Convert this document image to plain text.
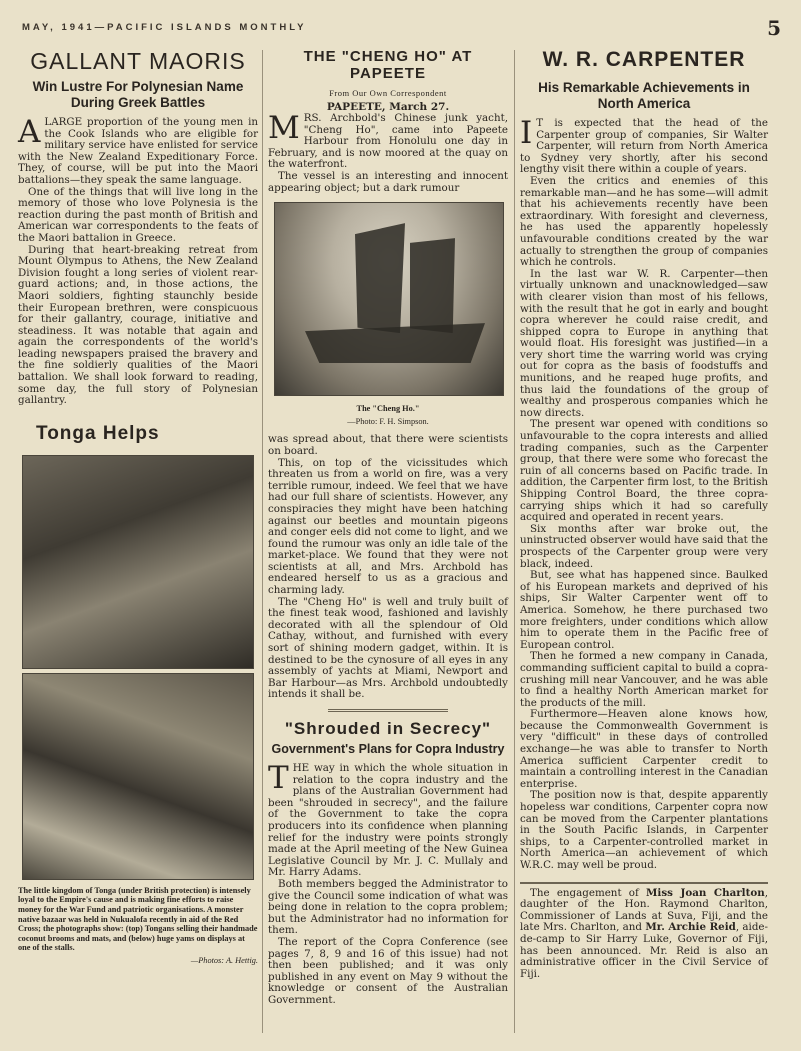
MAY, 1941—PACIFIC ISLANDS MONTHLY	5
GALLANT MAORIS
Win Lustre For Polynesian Name During Greek Battles

ALARGE proportion of the young men in the Cook Islands who are eligible for military service have enlisted for service with the New Zealand Expeditionary Force. They, of course, will be put into the Maori battalions—they speak the same language.

One of the things that will live long in the memory of those who love Polynesia is the reaction during the past month of British and American war correspondents to the feats of the Maori battalion in Greece.

During that heart-breaking retreat from Mount Olympus to Athens, the New Zealand Division fought a long series of violent rear-guard actions; and, in those actions, the Maori soldiers, fighting staunchly beside their European brethren, were conspicuous for their gallantry, courage, initiative and steadiness. It was notable that again and again the correspondents of the world's leading newspapers praised the bravery and the fine soldierly qualities of the Maori battalion. We shall look forward to reading, some day, the full story of Polynesian gallantry.

Tonga Helps
The little kingdom of Tonga (under British protection) is intensely loyal to the Empire's cause and is making fine efforts to raise money for the War Fund and patriotic organisations. A monster native bazaar was held in Nukualofa recently in aid of the Red Cross; the photographs show: (top) Tongans selling their handmade coconut brooms and mats, and (below) huge yams on displays at one of the stalls.
—Photos: A. Hettig.
THE "CHENG HO" AT PAPEETE
From Our Own Correspondent
PAPEETE, March 27.

MRS. Archbold's Chinese junk yacht, "Cheng Ho", came into Papeete Harbour from Honolulu one day in February, and is now moored at the quay on the waterfront.

The vessel is an interesting and innocent appearing object; but a dark rumour

The "Cheng Ho."
—Photo: F. H. Simpson.

was spread about, that there were scientists on board.

This, on top of the vicissitudes which threaten us from a world on fire, was a very terrible rumour, indeed. We feel that we have had our full share of scientists. However, any conspiracies they might have been hatching against our beetles and mountain pigeons and conger eels did not come to light, and we found the rumour was only an idle tale of the market-place. We found that they were not scientists at all, and Mrs. Archbold has endeared herself to us as a gracious and charming lady.

The "Cheng Ho" is well and truly built of the finest teak wood, fashioned and lavishly decorated with all the splendour of Old Cathay, without, and furnished with every sort of shining modern gadget, within. It is destined to be the cynosure of all eyes in any assembly of yachts at Miami, Newport and Bar Harbour—as Mrs. Archbold undoubtedly intends it shall be.

"Shrouded in Secrecy"
Government's Plans for Copra Industry

THE way in which the whole situation in relation to the copra industry and the plans of the Australian Government had been "shrouded in secrecy", and the failure of the Government to take the copra producers into its confidence when planning relief for the industry were points strongly made at the April meeting of the New Guinea Legislative Council by Mr. J. C. Mullaly and Mr. Harry Adams.

Both members begged the Administrator to give the Council some indication of what was being done in relation to the copra problem; but the Administrator had no information for them.

The report of the Copra Conference (see pages 7, 8, 9 and 16 of this issue) had not then been published; and it was only published in any event on May 9 without the knowledge or consent of the Australian Government.

W. R. CARPENTER
His Remarkable Achievements in North America

I T is expected that the head of the Carpenter group of companies, Sir Walter Carpenter, will return from North America to Sydney very shortly, after his second lengthy visit there within a couple of years.

Even the critics and enemies of this remarkable man—and he has some—will admit that his achievements recently have been extraordinary. With foresight and cleverness, he has used the apparently hopelessly unfavourable conditions created by the war actually to strengthen the group of companies which he controls.

In the last war W. R. Carpenter—then virtually unknown and unacknowledged—saw with clearer vision than most of his fellows, with the result that he got in early and bought copra wherever he could raise credit, and shipped copra to Europe in anything that would float. His foresight was justified—in a very short time the warring world was crying out for copra as the basis of foodstuffs and munitions, and he reaped huge profits, and thus laid the foundations of the group of wealthy and prosperous companies which he now directs.

The present war opened with conditions so unfavourable to the copra interests and allied trading companies, such as the Carpenter group, that there were some who forecast the ruin of all concerns based on Pacific trade. In addition, the Carpenter firm lost, to the British Shipping Control Board, the three copra-carrying ships which it had so carefully acquired and operated in recent years.

Six months after war broke out, the uninstructed observer would have said that the prospects of the Carpenter group were very black, indeed.

But, see what has happened since. Baulked of his European markets and deprived of his ships, Sir Walter Carpenter went off to America. Somehow, he there purchased two more freighters, under conditions which allow him to operate them in the Pacific free of European control.

Then he formed a new company in Canada, commanding sufficient capital to build a copra-crushing mill near Vancouver, and he was able to find a healthy North American market for the products of the mill.

Furthermore—Heaven alone knows how, because the Commonwealth Government is very "difficult" in these days of controlled exchange—he was able to transfer to North America sufficient Carpenter credit to maintain a controlling interest in the Canadian enterprise.

The position now is that, despite apparently hopeless war conditions, Carpenter copra now can be moved from the Carpenter plantations in the South Pacific Islands, in Carpenter ships, to a Carpenter-controlled market in North America—an achievement of which W.R.C. may well be proud.

The engagement of Miss Joan Charlton, daughter of the Hon. Raymond Charlton, Commissioner of Lands at Suva, Fiji, and the late Mrs. Charlton, and Mr. Archie Reid, aide-de-camp to Sir Harry Luke, Governor of Fiji, has been announced. Mr. Reid is also an administrative officer in the Civil Service of Fiji.
